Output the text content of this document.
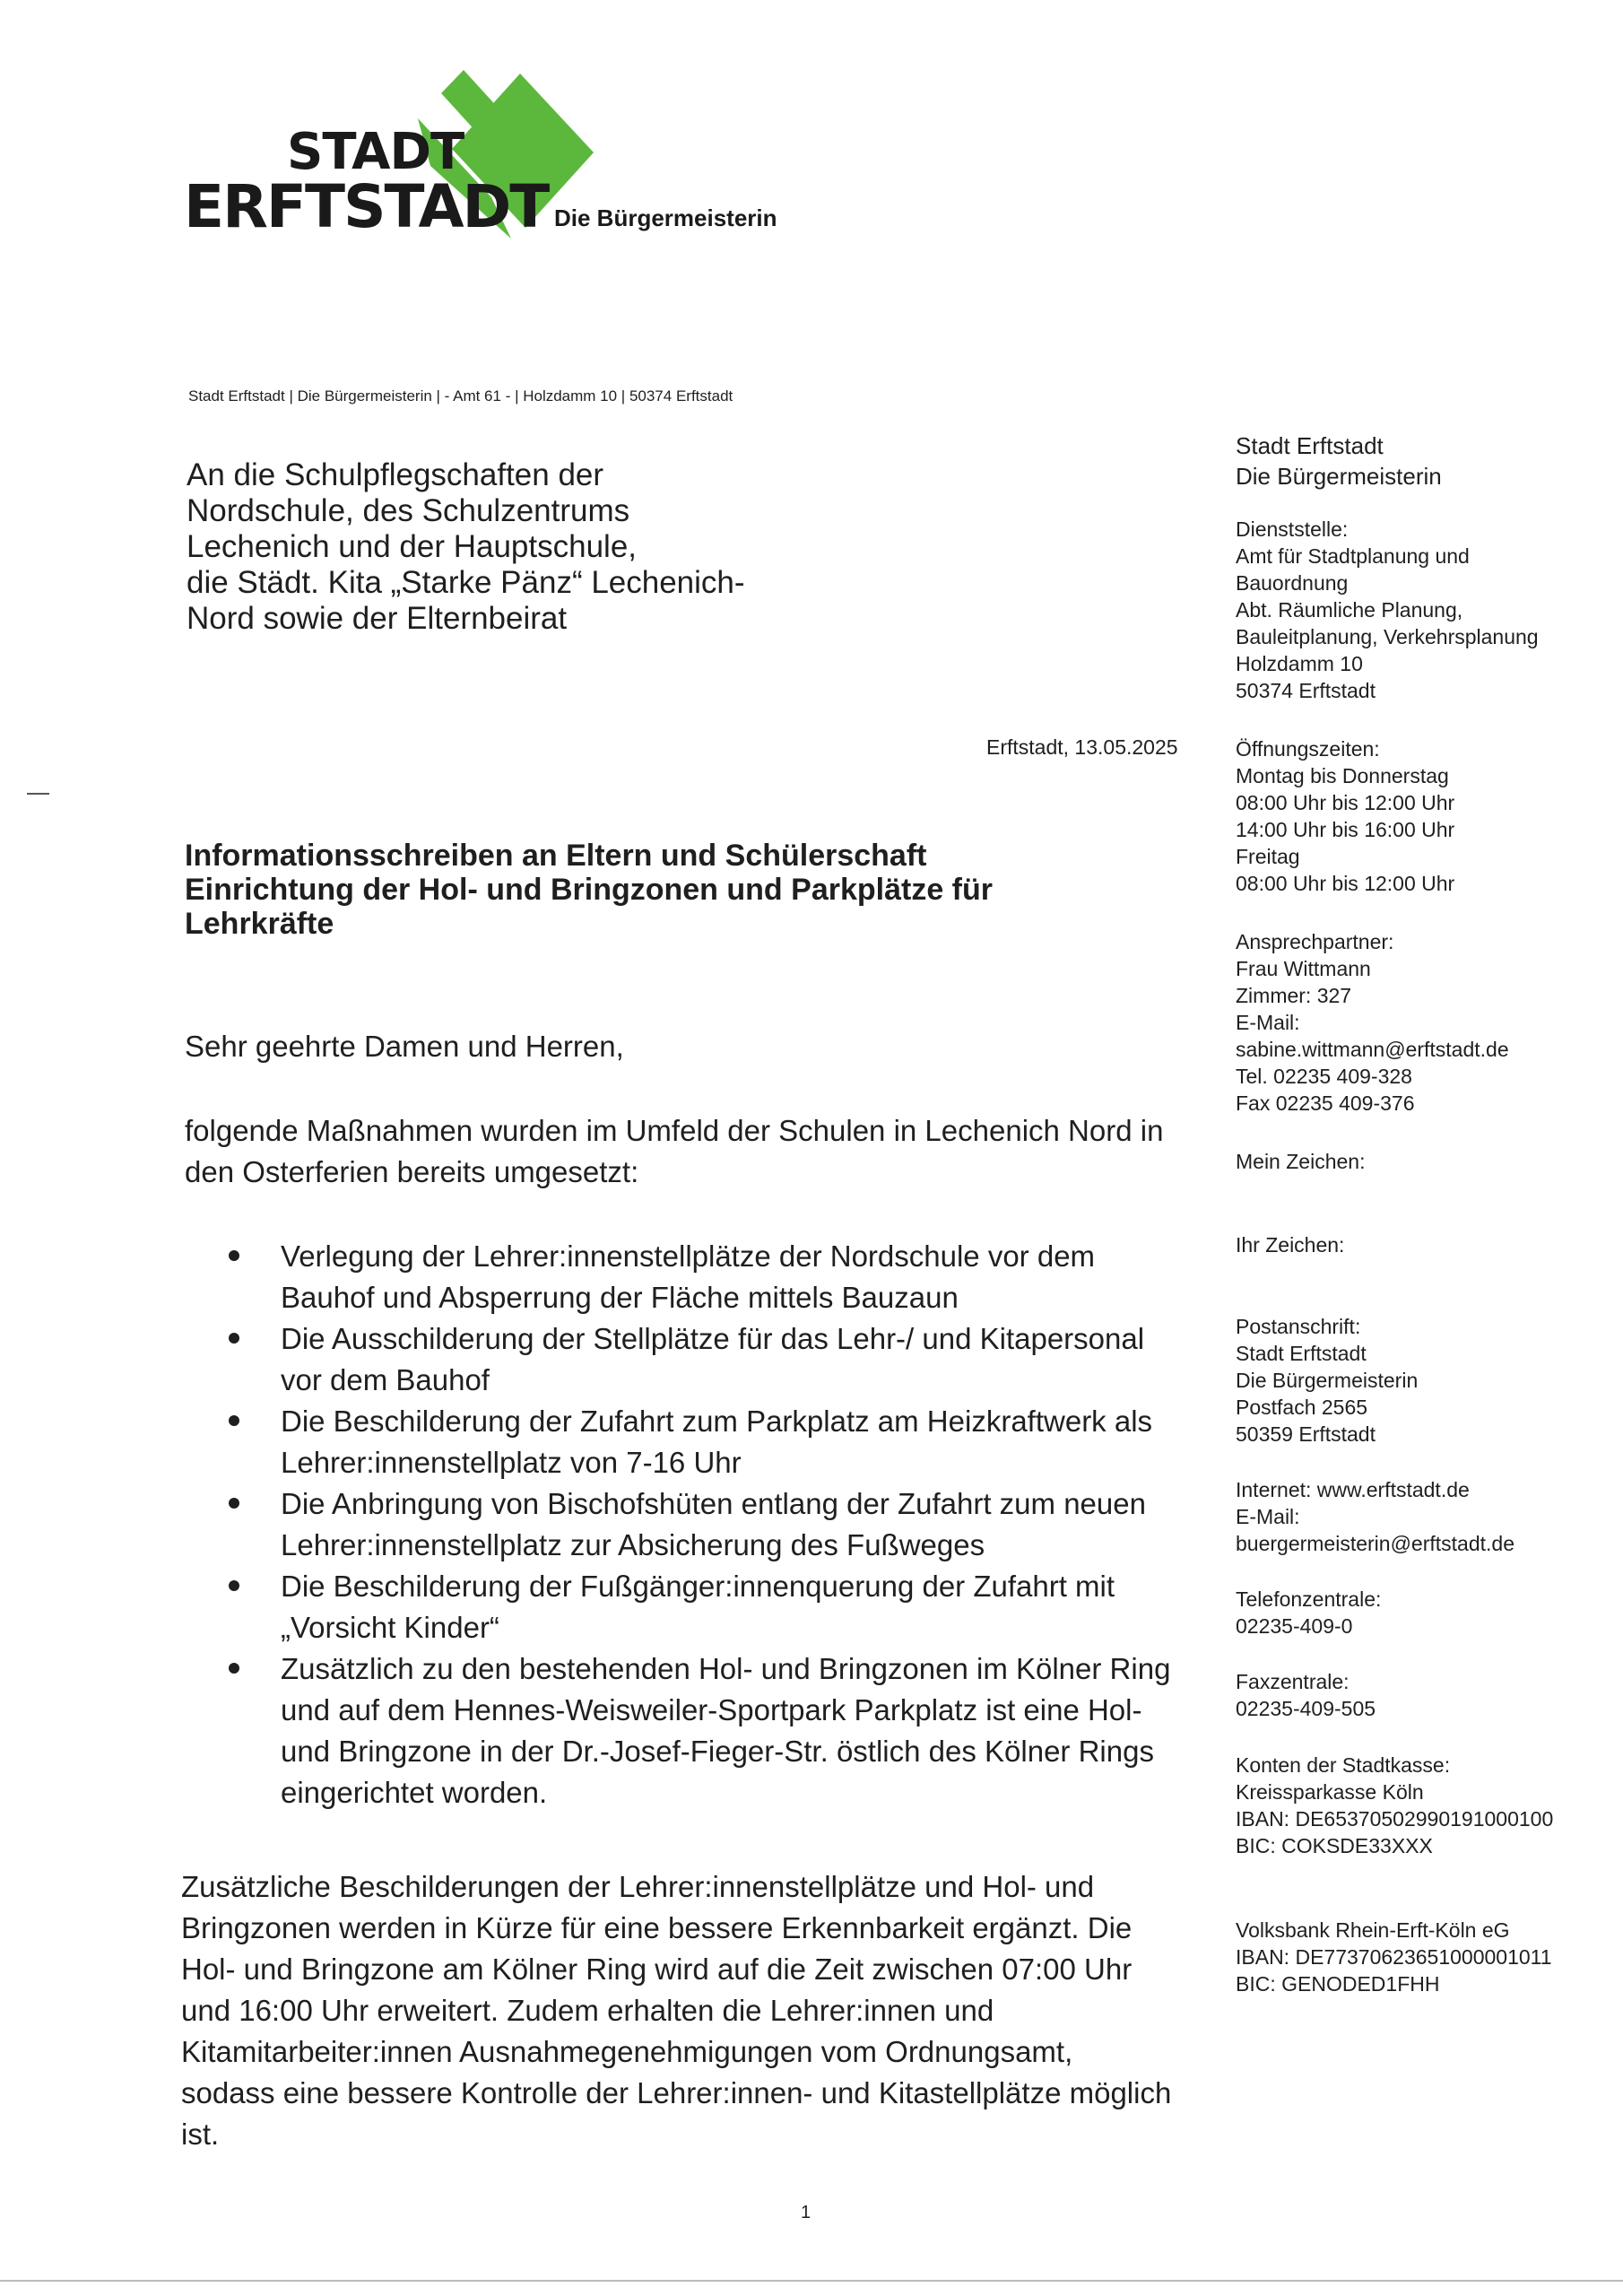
STADT
ERFTSTADT Die Bürgermeisterin
Stadt Erftstadt | Die Bürgermeisterin | - Amt 61 - | Holzdamm 10 | 50374 Erftstadt
An die Schulpflegschaften der
Nordschule, des Schulzentrums
Lechenich und der Hauptschule,
die Städt. Kita „Starke Pänz“ Lechenich-
Nord sowie der Elternbeirat
Erftstadt, 13.05.2025
Informationsschreiben an Eltern und Schülerschaft
Einrichtung der Hol- und Bringzonen und Parkplätze für
Lehrkräfte
Sehr geehrte Damen und Herren,
folgende Maßnahmen wurden im Umfeld der Schulen in Lechenich Nord in
den Osterferien bereits umgesetzt:
Verlegung der Lehrer:innenstellplätze der Nordschule vor dem
Bauhof und Absperrung der Fläche mittels Bauzaun
Die Ausschilderung der Stellplätze für das Lehr-/ und Kitapersonal
vor dem Bauhof
Die Beschilderung der Zufahrt zum Parkplatz am Heizkraftwerk als
Lehrer:innenstellplatz von 7-16 Uhr
Die Anbringung von Bischofshüten entlang der Zufahrt zum neuen
Lehrer:innenstellplatz zur Absicherung des Fußweges
Die Beschilderung der Fußgänger:innenquerung der Zufahrt mit
„Vorsicht Kinder“
Zusätzlich zu den bestehenden Hol- und Bringzonen im Kölner Ring
und auf dem Hennes-Weisweiler-Sportpark Parkplatz ist eine Hol-
und Bringzone in der Dr.-Josef-Fieger-Str. östlich des Kölner Rings
eingerichtet worden.
Zusätzliche Beschilderungen der Lehrer:innenstellplätze und Hol- und
Bringzonen werden in Kürze für eine bessere Erkennbarkeit ergänzt. Die
Hol- und Bringzone am Kölner Ring wird auf die Zeit zwischen 07:00 Uhr
und 16:00 Uhr erweitert. Zudem erhalten die Lehrer:innen und
Kitamitarbeiter:innen Ausnahmegenehmigungen vom Ordnungsamt,
sodass eine bessere Kontrolle der Lehrer:innen- und Kitastellplätze möglich
ist.
1
Stadt Erftstadt
Die Bürgermeisterin
Dienststelle:
Amt für Stadtplanung und
Bauordnung
Abt. Räumliche Planung,
Bauleitplanung, Verkehrsplanung
Holzdamm 10
50374 Erftstadt
Öffnungszeiten:
Montag bis Donnerstag
08:00 Uhr bis 12:00 Uhr
14:00 Uhr bis 16:00 Uhr
Freitag
08:00 Uhr bis 12:00 Uhr
Ansprechpartner:
Frau Wittmann
Zimmer: 327
E-Mail:
sabine.wittmann@erftstadt.de
Tel. 02235 409-328
Fax 02235 409-376
Mein Zeichen:
Ihr Zeichen:
Postanschrift:
Stadt Erftstadt
Die Bürgermeisterin
Postfach 2565
50359 Erftstadt
Internet: www.erftstadt.de
E-Mail:
buergermeisterin@erftstadt.de
Telefonzentrale:
02235-409-0
Faxzentrale:
02235-409-505
Konten der Stadtkasse:
Kreissparkasse Köln
IBAN: DE65370502990191000100
BIC: COKSDE33XXX
Volksbank Rhein-Erft-Köln eG
IBAN: DE77370623651000001011
BIC: GENODED1FHH
